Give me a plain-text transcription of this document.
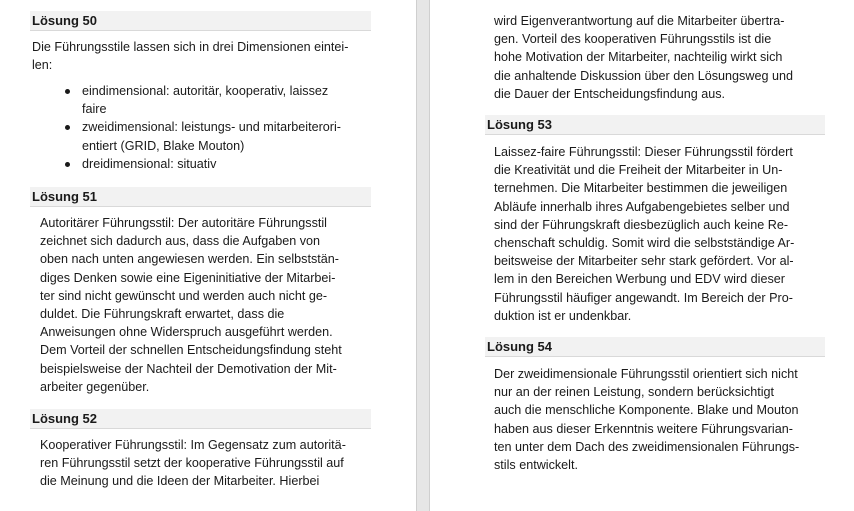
Lösung 50
Die Führungsstile lassen sich in drei Dimensionen eintei-
len:
eindimensional: autoritär, kooperativ, laissez
faire
zweidimensional: leistungs- und mitarbeiterori-
entiert (GRID, Blake Mouton)
dreidimensional: situativ
Lösung 51
Autoritärer Führungsstil: Der autoritäre Führungsstil
zeichnet sich dadurch aus, dass die Aufgaben von
oben nach unten angewiesen werden. Ein selbststän-
diges Denken sowie eine Eigeninitiative der Mitarbei-
ter sind nicht gewünscht und werden auch nicht ge-
duldet. Die Führungskraft erwartet, dass die
Anweisungen ohne Widerspruch ausgeführt werden.
Dem Vorteil der schnellen Entscheidungsfindung steht
beispielsweise der Nachteil der Demotivation der Mit-
arbeiter gegenüber.
Lösung 52
Kooperativer Führungsstil: Im Gegensatz zum autoritä-
ren Führungsstil setzt der kooperative Führungsstil auf
die Meinung und die Ideen der Mitarbeiter. Hierbei
wird Eigenverantwortung auf die Mitarbeiter übertra-
gen. Vorteil des kooperativen Führungsstils ist die
hohe Motivation der Mitarbeiter, nachteilig wirkt sich
die anhaltende Diskussion über den Lösungsweg und
die Dauer der Entscheidungsfindung aus.
Lösung 53
Laissez-faire Führungsstil: Dieser Führungsstil fördert
die Kreativität und die Freiheit der Mitarbeiter in Un-
ternehmen. Die Mitarbeiter bestimmen die jeweiligen
Abläufe innerhalb ihres Aufgabengebietes selber und
sind der Führungskraft diesbezüglich auch keine Re-
chenschaft schuldig. Somit wird die selbstständige Ar-
beitsweise der Mitarbeiter sehr stark gefördert. Vor al-
lem in den Bereichen Werbung und EDV wird dieser
Führungsstil häufiger angewandt. Im Bereich der Pro-
duktion ist er undenkbar.
Lösung 54
Der zweidimensionale Führungsstil orientiert sich nicht
nur an der reinen Leistung, sondern berücksichtigt
auch die menschliche Komponente. Blake und Mouton
haben aus dieser Erkenntnis weitere Führungsvarian-
ten unter dem Dach des zweidimensionalen Führungs-
stils entwickelt.
